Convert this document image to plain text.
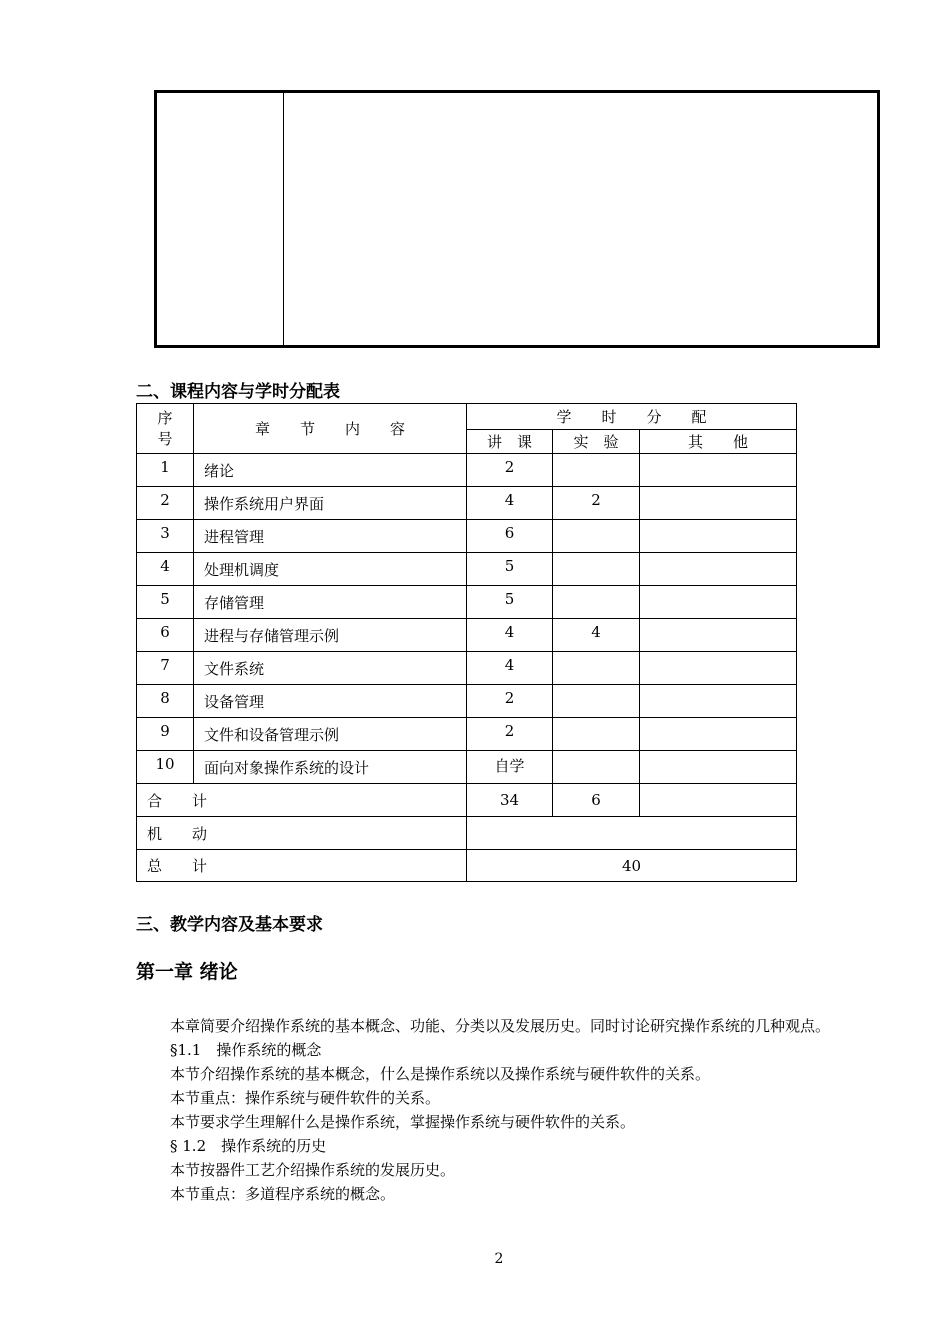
二、课程内容与学时分配表
序
号	章　　节　　内　　容	学　　时　　分　　配		
		讲　课	实　验	其　　他
1	绪论	2		
2	操作系统用户界面	4	2	
3	进程管理	6		
4	处理机调度	5		
5	存储管理	5		
6	进程与存储管理示例	4	4	
7	文件系统	4		
8	设备管理	2		
9	文件和设备管理示例	2		
10	面向对象操作系统的设计	自学		
合　　计		34	6	
机　　动				
总　　计		40		
三、教学内容及基本要求
第一章 绪论

本章简要介绍操作系统的基本概念、功能、分类以及发展历史。同时讨论研究操作系统的几种观点。

§1.1　操作系统的概念

本节介绍操作系统的基本概念，什么是操作系统以及操作系统与硬件软件的关系。

本节重点：操作系统与硬件软件的关系。

本节要求学生理解什么是操作系统，掌握操作系统与硬件软件的关系。

§ 1.2　操作系统的历史

本节按器件工艺介绍操作系统的发展历史。

本节重点：多道程序系统的概念。

2
